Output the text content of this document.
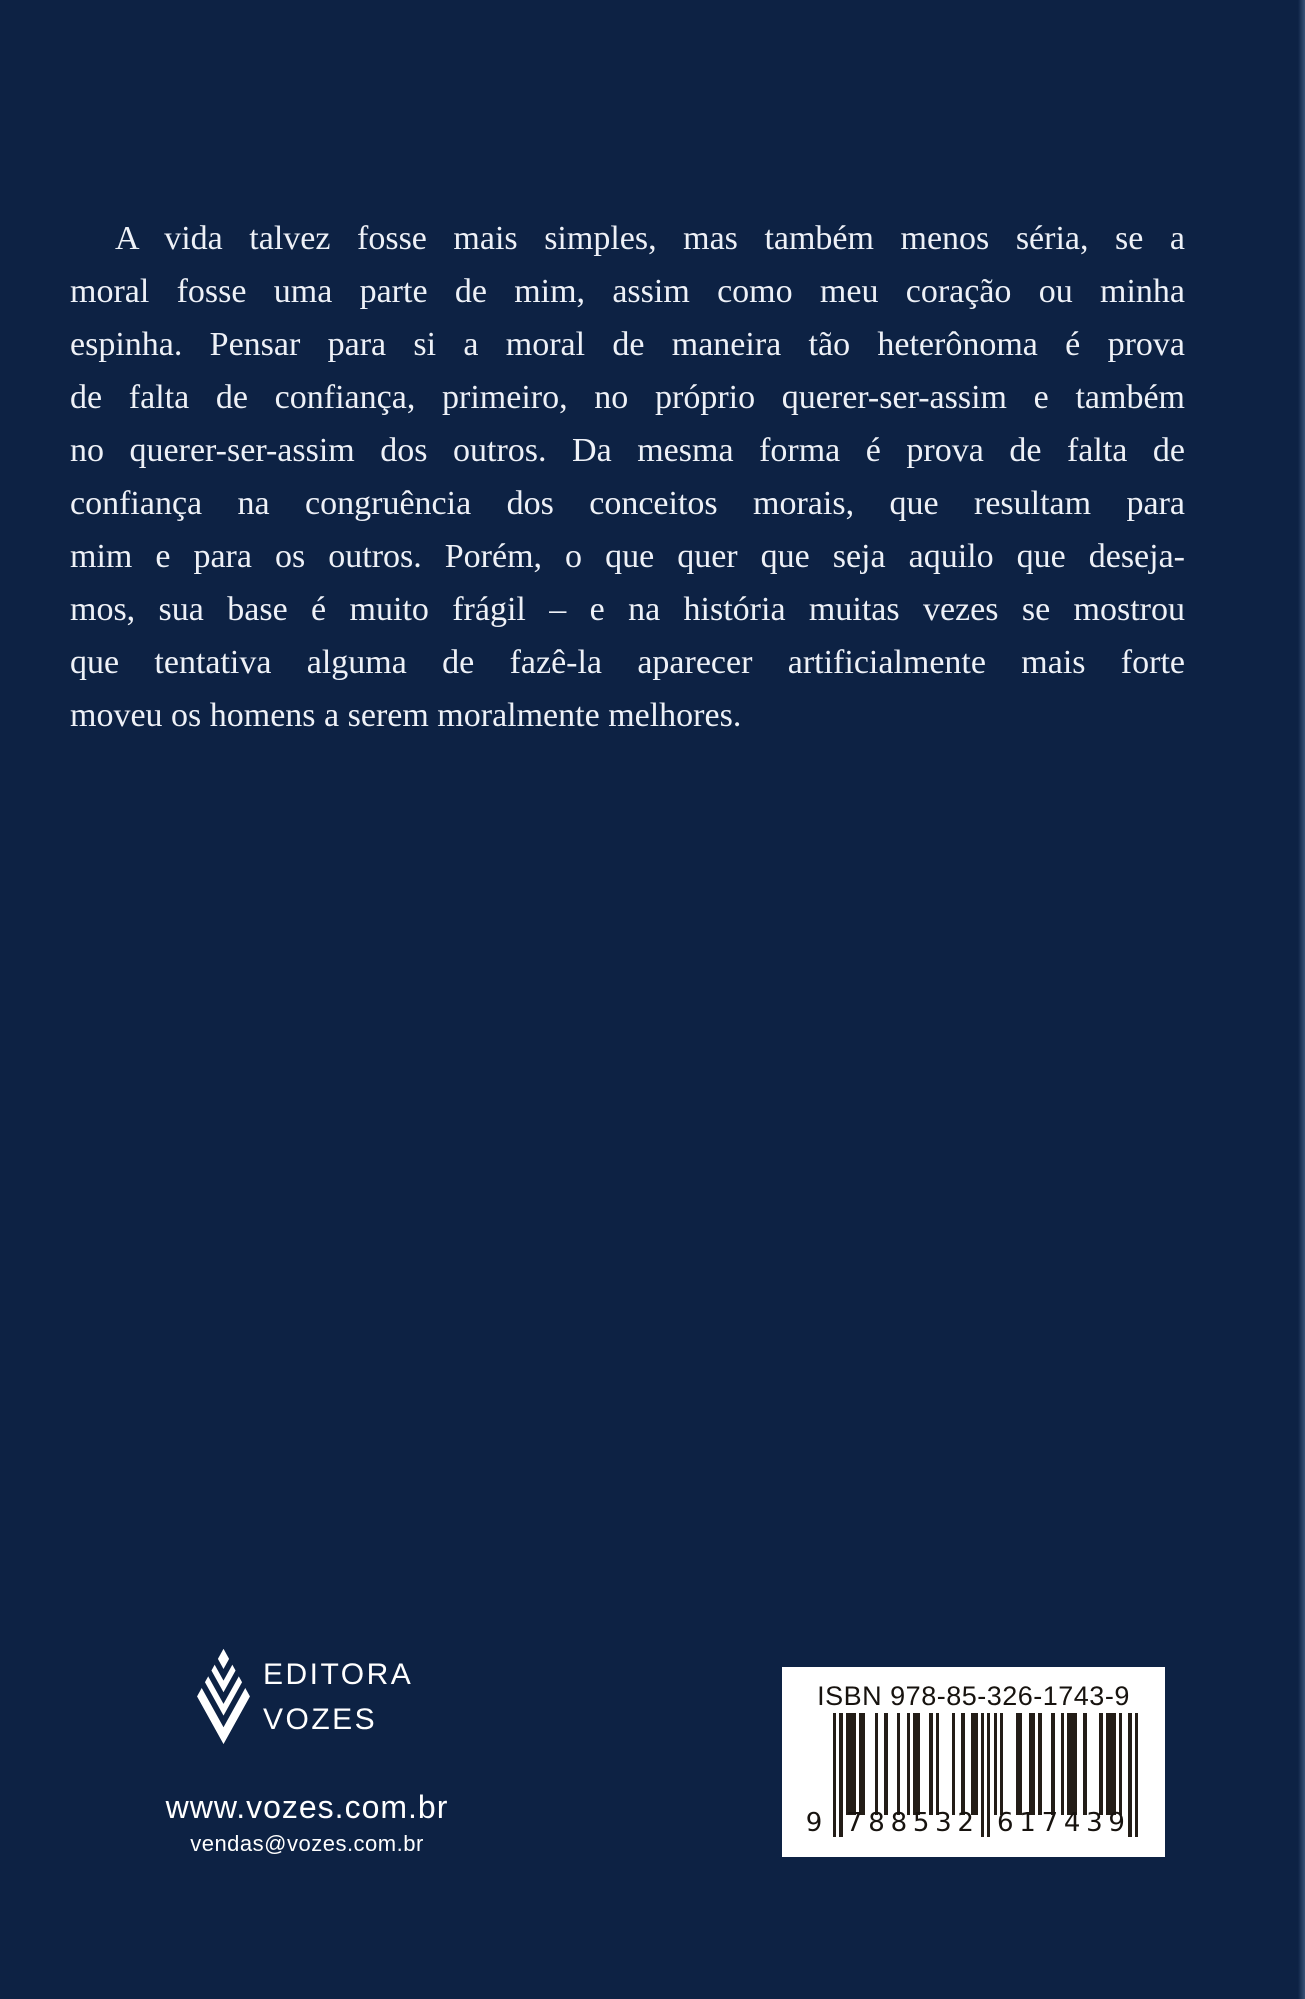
A vida talvez fosse mais simples, mas também menos séria, se a
moral fosse uma parte de mim, assim como meu coração ou minha
espinha. Pensar para si a moral de maneira tão heterônoma é prova
de falta de confiança, primeiro, no próprio querer-ser-assim e também
no querer-ser-assim dos outros. Da mesma forma é prova de falta de
confiança na congruência dos conceitos morais, que resultam para
mim e para os outros. Porém, o que quer que seja aquilo que deseja-
mos, sua base é muito frágil – e na história muitas vezes se mostrou
que tentativa alguma de fazê-la aparecer artificialmente mais forte
moveu os homens a serem moralmente melhores.
EDITORA
VOZES
www.vozes.com.br
vendas@vozes.com.br
ISBN 978-85-326-1743-9
9 7 8 8 5 3 2 6 1 7 4 3 9
